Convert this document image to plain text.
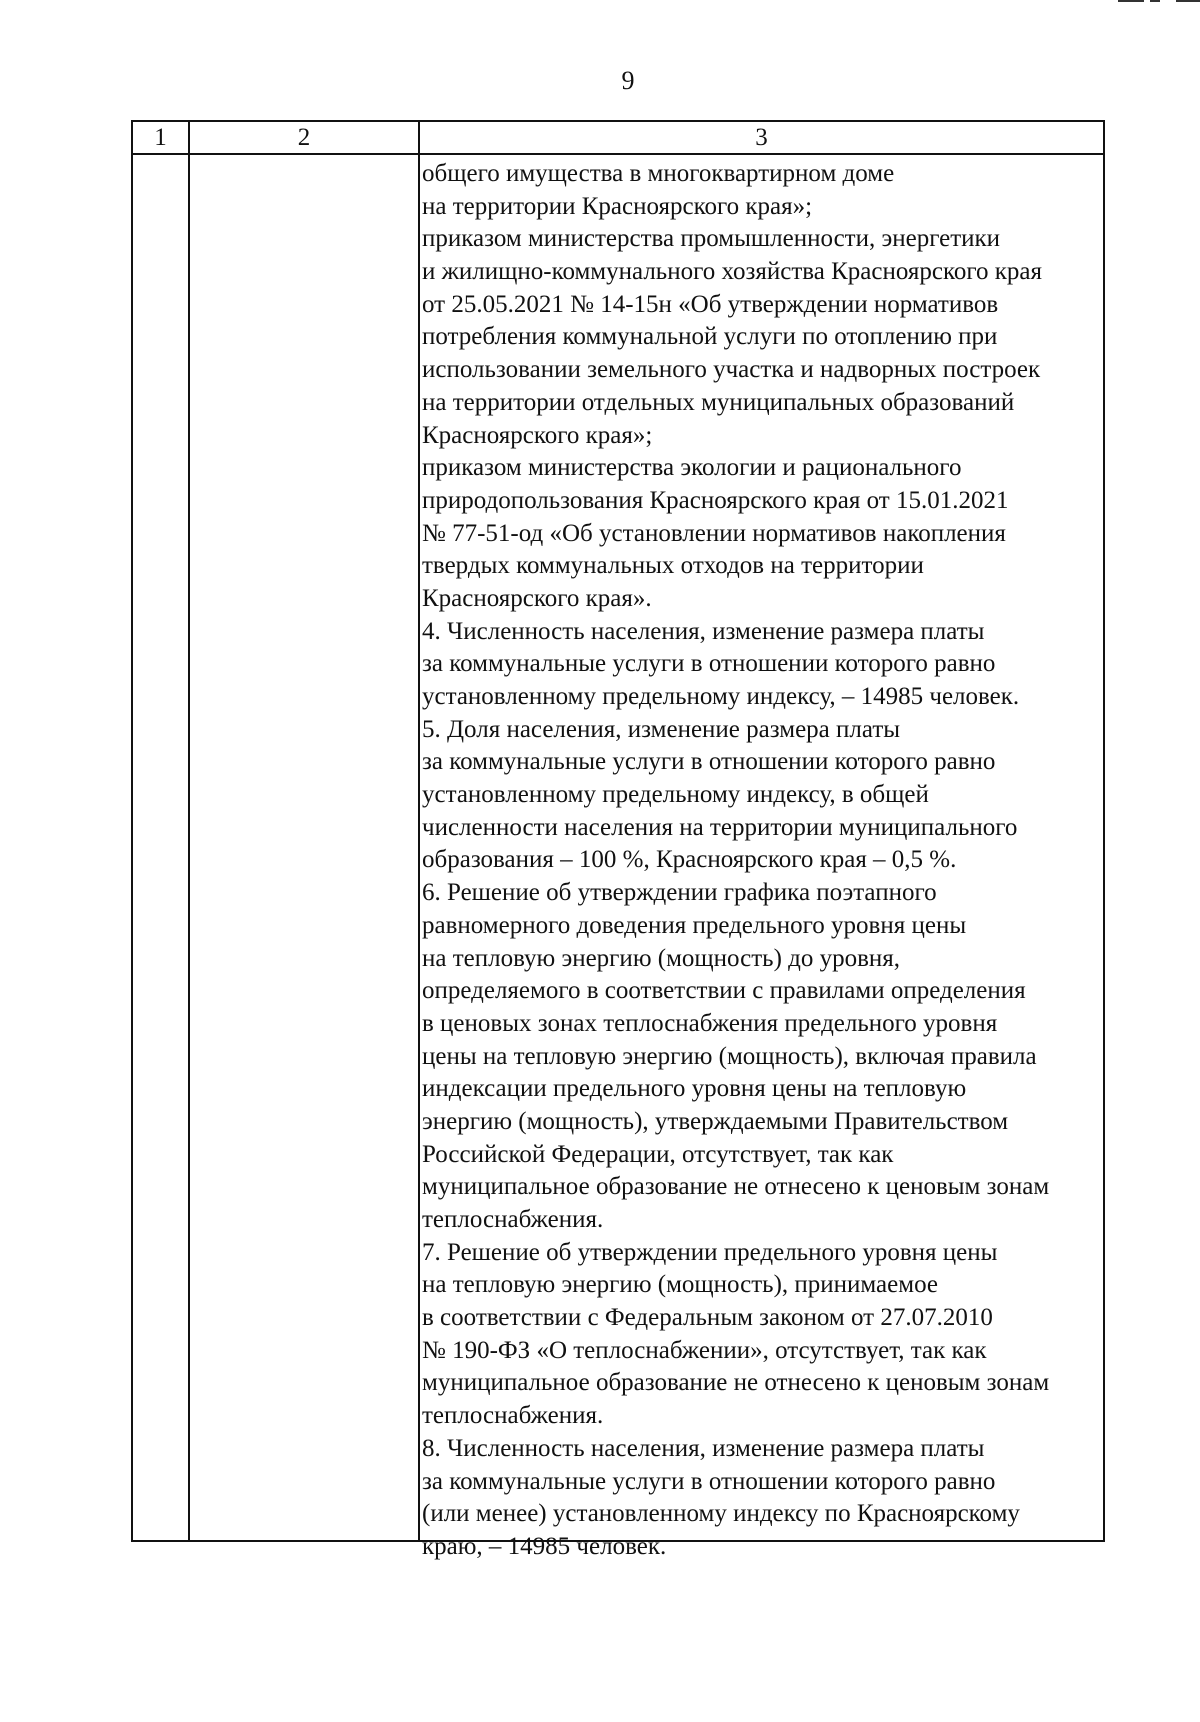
9
1	2	3
общего имущества в многоквартирном доме
на территории Красноярского края»;
приказом министерства промышленности, энергетики
и жилищно-коммунального хозяйства Красноярского края
от 25.05.2021 № 14-15н «Об утверждении нормативов
потребления коммунальной услуги по отоплению при
использовании земельного участка и надворных построек
на территории отдельных муниципальных образований
Красноярского края»;
приказом министерства экологии и рационального
природопользования Красноярского края от 15.01.2021
№ 77-51-од «Об установлении нормативов накопления
твердых коммунальных отходов на территории
Красноярского края».
4. Численность населения, изменение размера платы
за коммунальные услуги в отношении которого равно
установленному предельному индексу, – 14985 человек.
5. Доля населения, изменение размера платы
за коммунальные услуги в отношении которого равно
установленному предельному индексу, в общей
численности населения на территории муниципального
образования – 100 %, Красноярского края – 0,5 %.
6. Решение об утверждении графика поэтапного
равномерного доведения предельного уровня цены
на тепловую энергию (мощность) до уровня,
определяемого в соответствии с правилами определения
в ценовых зонах теплоснабжения предельного уровня
цены на тепловую энергию (мощность), включая правила
индексации предельного уровня цены на тепловую
энергию (мощность), утверждаемыми Правительством
Российской Федерации, отсутствует, так как
муниципальное образование не отнесено к ценовым зонам
теплоснабжения.
7. Решение об утверждении предельного уровня цены
на тепловую энергию (мощность), принимаемое
в соответствии с Федеральным законом от 27.07.2010
№ 190-ФЗ «О теплоснабжении», отсутствует, так как
муниципальное образование не отнесено к ценовым зонам
теплоснабжения.
8. Численность населения, изменение размера платы
за коммунальные услуги в отношении которого равно
(или менее) установленному индексу по Красноярскому
краю, – 14985 человек.
